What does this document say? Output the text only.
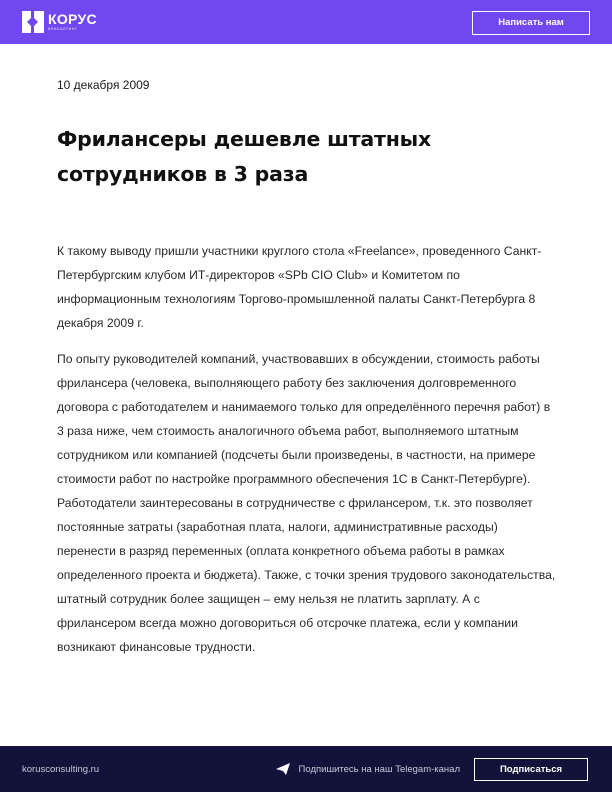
КОРУС
КОНСАЛТИНГ
Написать нам
10 декабря 2009
Фрилансеры дешевле штатных сотрудников в 3 раза

К такому выводу пришли участники круглого стола «Freelance», проведенного Санкт-Петербургским клубом ИТ-директоров «SPb CIO Club» и Комитетом по информационным технологиям Торгово-промышленной палаты Санкт-Петербурга 8 декабря 2009 г.

По опыту руководителей компаний, участвовавших в обсуждении, стоимость работы фрилансера (человека, выполняющего работу без заключения долговременного договора с работодателем и нанимаемого только для определённого перечня работ) в 3 раза ниже, чем стоимость аналогичного объема работ, выполняемого штатным сотрудником или компанией (подсчеты были произведены, в частности, на примере стоимости работ по настройке программного обеспечения 1С в Санкт-Петербурге). Работодатели заинтересованы в сотрудничестве с фрилансером, т.к. это позволяет постоянные затраты (заработная плата, налоги, административные расходы) перенести в разряд переменных (оплата конкретного объема работы в рамках определенного проекта и бюджета). Также, с точки зрения трудового законодательства, штатный сотрудник более защищен – ему нельзя не платить зарплату. А с фрилансером всегда можно договориться об отсрочке платежа, если у компании возникают финансовые трудности.

korusconsulting.ru	Подпишитесь на наш Telegam-канал	Подписаться
